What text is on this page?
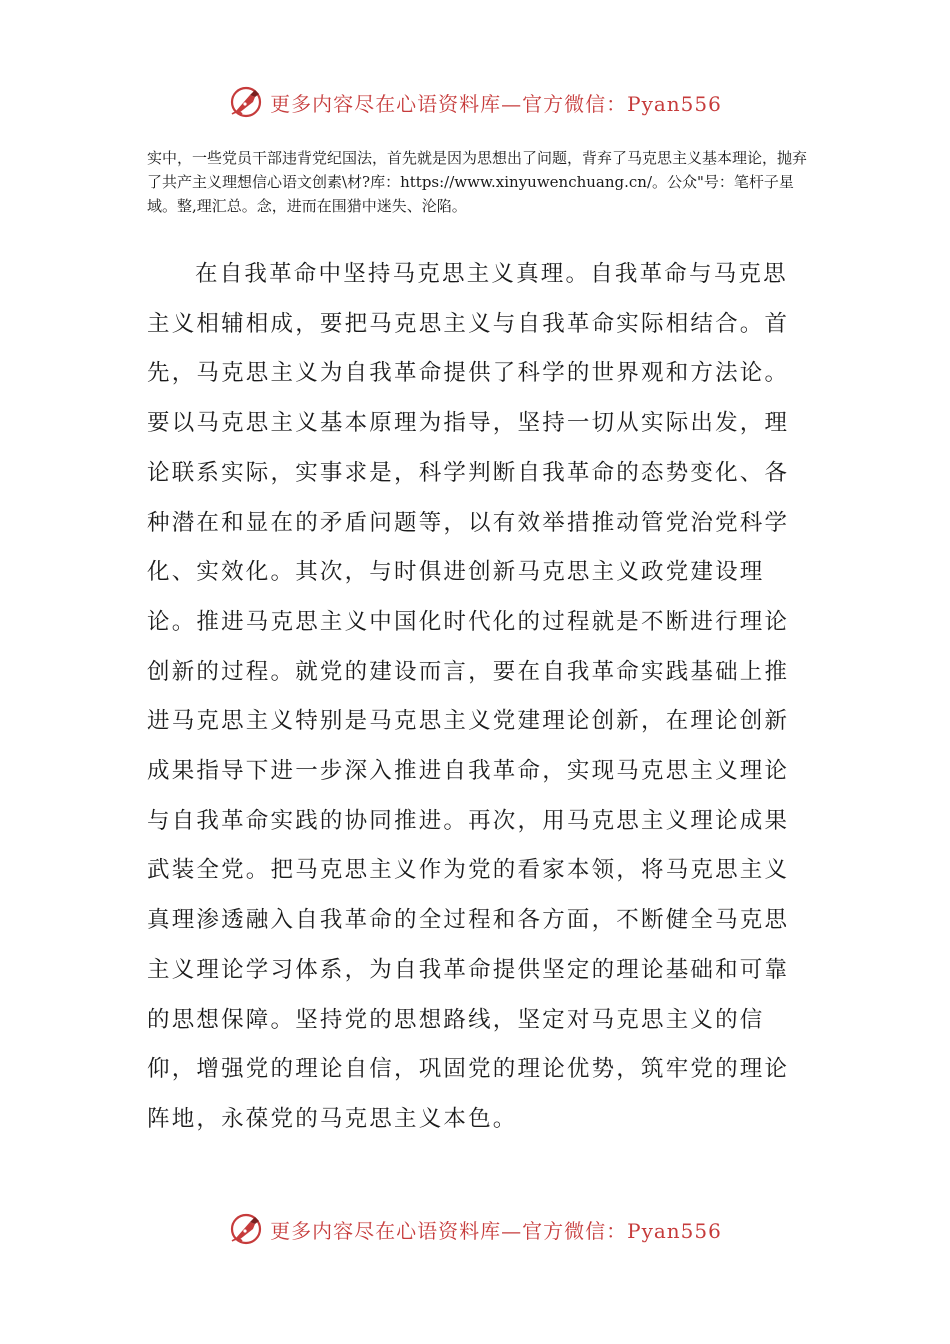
更多内容尽在心语资料库—官方微信：Pyan556

实中，一些党员干部违背党纪国法，首先就是因为思想出了问题，背弃了马克思主义基本理论，抛弃了共产主义理想信心语文创素\材?库：https://www.xinyuwenchuang.cn/。公众"号：笔杆子星域。整,理汇总。念，进而在围猎中迷失、沦陷。

在自我革命中坚持马克思主义真理。自我革命与马克思主义相辅相成，要把马克思主义与自我革命实际相结合。首先，马克思主义为自我革命提供了科学的世界观和方法论。要以马克思主义基本原理为指导，坚持一切从实际出发，理论联系实际，实事求是，科学判断自我革命的态势变化、各种潜在和显在的矛盾问题等，以有效举措推动管党治党科学化、实效化。其次，与时俱进创新马克思主义政党建设理论。推进马克思主义中国化时代化的过程就是不断进行理论创新的过程。就党的建设而言，要在自我革命实践基础上推进马克思主义特别是马克思主义党建理论创新，在理论创新成果指导下进一步深入推进自我革命，实现马克思主义理论与自我革命实践的协同推进。再次，用马克思主义理论成果武装全党。把马克思主义作为党的看家本领，将马克思主义真理渗透融入自我革命的全过程和各方面，不断健全马克思主义理论学习体系，为自我革命提供坚定的理论基础和可靠的思想保障。坚持党的思想路线，坚定对马克思主义的信仰，增强党的理论自信，巩固党的理论优势，筑牢党的理论阵地，永葆党的马克思主义本色。

更多内容尽在心语资料库—官方微信：Pyan556
